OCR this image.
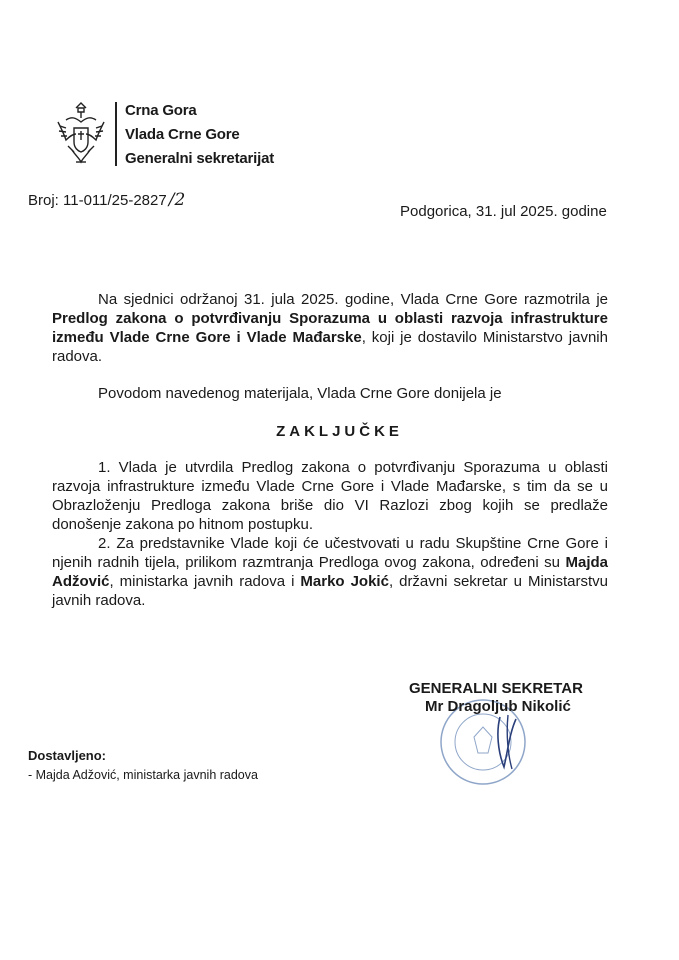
Crna Gora
Vlada Crne Gore
Generalni sekretarijat
Broj: 11-011/25-2827 /2
Podgorica, 31. jul 2025. godine
Na sjednici održanoj 31. jula 2025. godine, Vlada Crne Gore razmotrila je Predlog zakona o potvrđivanju Sporazuma u oblasti razvoja infrastrukture između Vlade Crne Gore i Vlade Mađarske, koji je dostavilo Ministarstvo javnih radova.
Povodom navedenog materijala, Vlada Crne Gore donijela je
ZAKLJUČKE
1. Vlada je utvrdila Predlog zakona o potvrđivanju Sporazuma u oblasti razvoja infrastrukture između Vlade Crne Gore i Vlade Mađarske, s tim da se u Obrazloženju Predloga zakona briše dio VI Razlozi zbog kojih se predlaže donošenje zakona po hitnom postupku.
2. Za predstavnike Vlade koji će učestvovati u radu Skupštine Crne Gore i njenih radnih tijela, prilikom razmtranja Predloga ovog zakona, određeni su Majda Adžović, ministarka javnih radova i Marko Jokić, državni sekretar u Ministarstvu javnih radova.
GENERALNI SEKRETAR
Mr Dragoljub Nikolić
Dostavljeno:
- Majda Adžović, ministarka javnih radova
